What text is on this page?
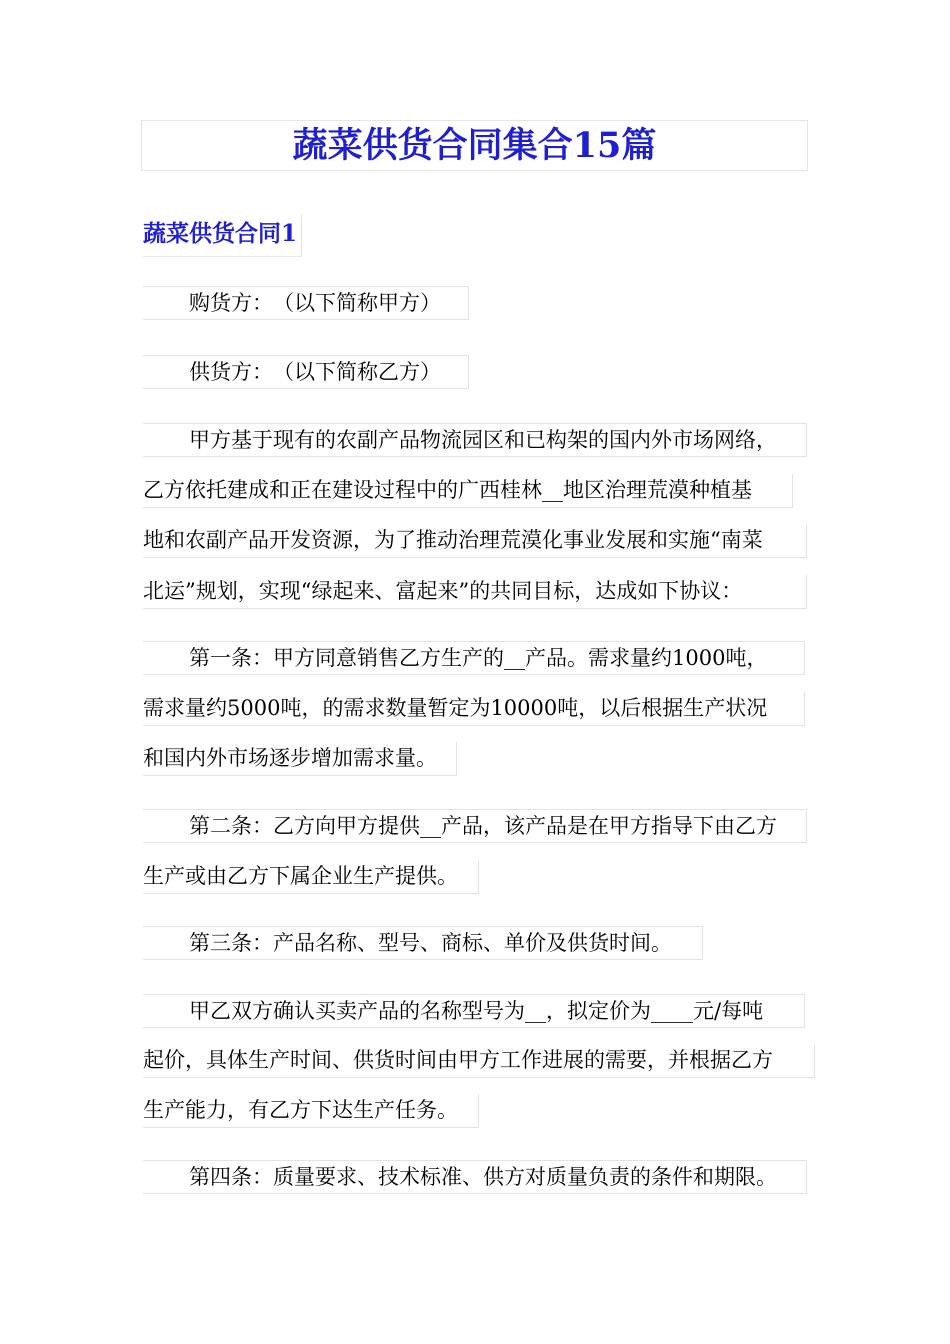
蔬菜供货合同集合15篇
蔬菜供货合同1
购货方：　（以下简称甲方）
供货方：　（以下简称乙方）
甲方基于现有的农副产品物流园区和已构架的国内外市场网络，
乙方依托建成和正在建设过程中的广西桂林__地区治理荒漠种植基
地和农副产品开发资源，为了推动治理荒漠化事业发展和实施“南菜
北运”规划，实现“绿起来、富起来”的共同目标，达成如下协议：
第一条：甲方同意销售乙方生产的__产品。需求量约1000吨，
需求量约5000吨，的需求数量暂定为10000吨，以后根据生产状况
和国内外市场逐步增加需求量。
第二条：乙方向甲方提供__产品，该产品是在甲方指导下由乙方
生产或由乙方下属企业生产提供。
第三条：产品名称、型号、商标、单价及供货时间。
甲乙双方确认买卖产品的名称型号为__，拟定价为____元/每吨
起价，具体生产时间、供货时间由甲方工作进展的需要，并根据乙方
生产能力，有乙方下达生产任务。
第四条：质量要求、技术标准、供方对质量负责的条件和期限。
